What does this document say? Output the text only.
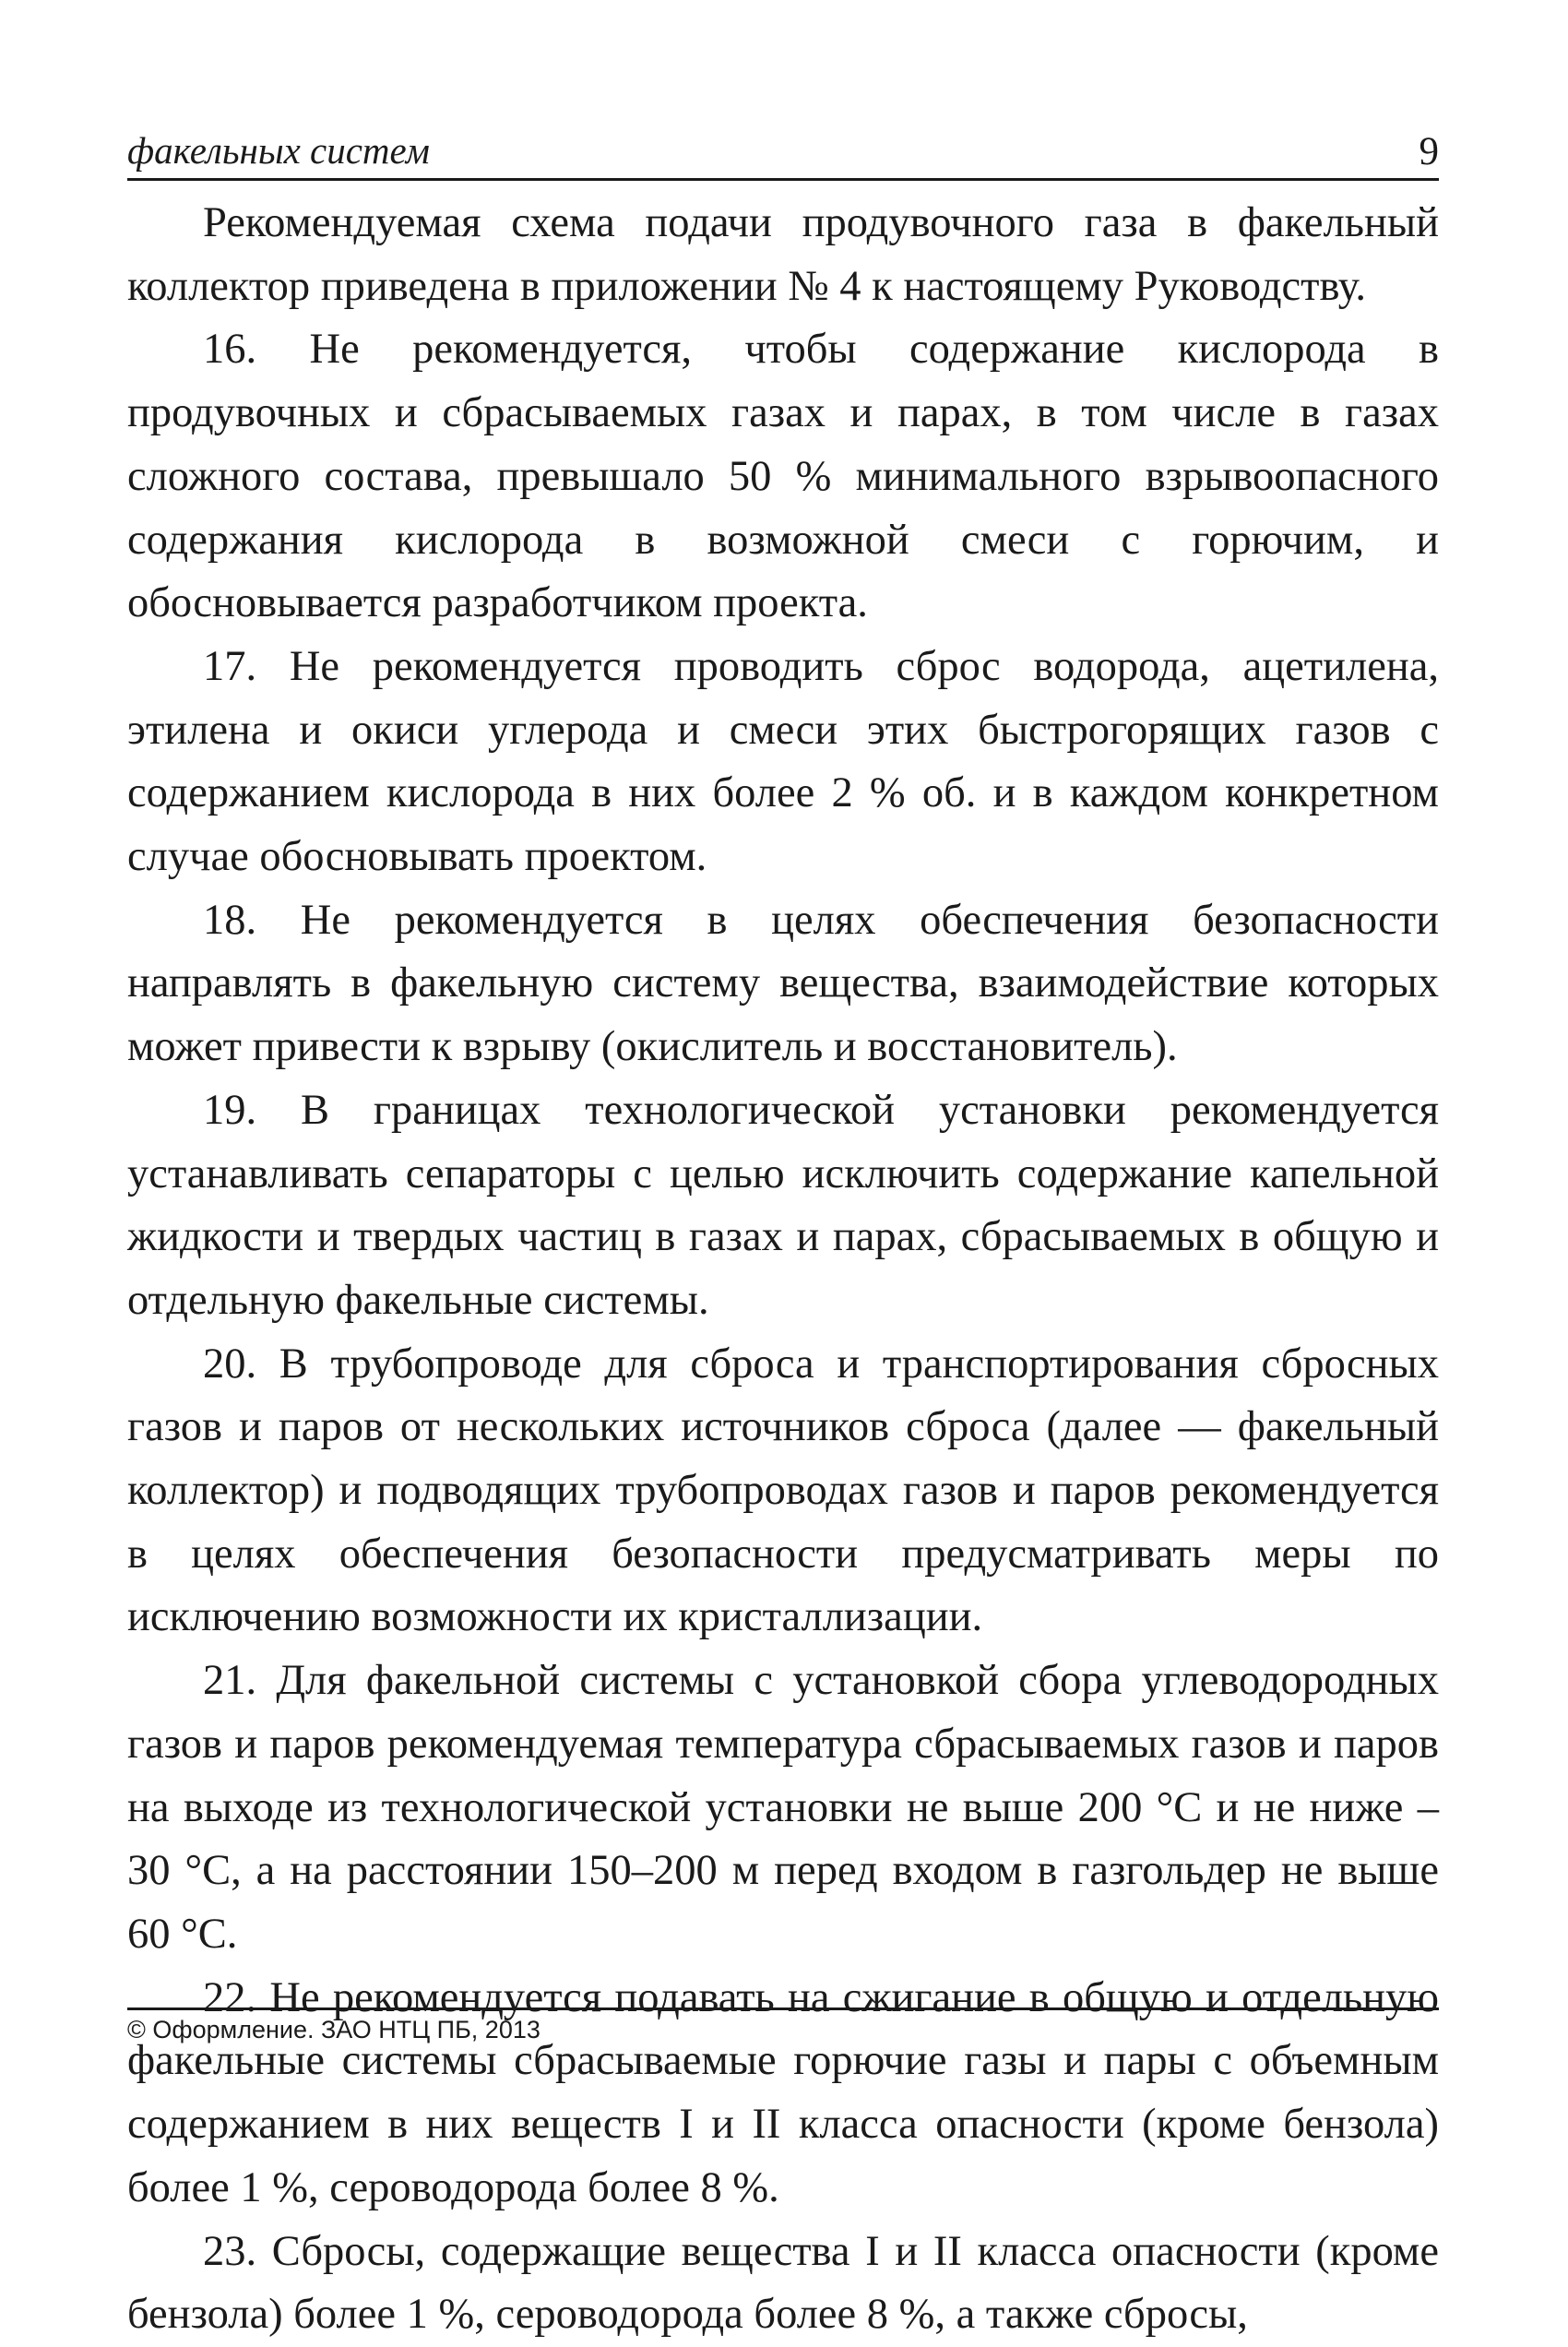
факельных систем	9

Рекомендуемая схема подачи продувочного газа в факельный коллектор приведена в приложении № 4 к настоящему Руководству.

16. Не рекомендуется, чтобы содержание кислорода в продувочных и сбрасываемых газах и парах, в том числе в газах сложного состава, превышало 50 % минимального взрывоопасного содержания кислорода в возможной смеси с горючим, и обосновывается разработчиком проекта.

17. Не рекомендуется проводить сброс водорода, ацетилена, этилена и окиси углерода и смеси этих быстрогорящих газов с содержанием кислорода в них более 2 % об. и в каждом конкретном случае обосновывать проектом.

18. Не рекомендуется в целях обеспечения безопасности направлять в факельную систему вещества, взаимодействие которых может привести к взрыву (окислитель и восстановитель).

19. В границах технологической установки рекомендуется устанавливать сепараторы с целью исключить содержание капельной жидкости и твердых частиц в газах и парах, сбрасываемых в общую и отдельную факельные системы.

20. В трубопроводе для сброса и транспортирования сбросных газов и паров от нескольких источников сброса (далее — факельный коллектор) и подводящих трубопроводах газов и паров рекомендуется в целях обеспечения безопасности предусматривать меры по исключению возможности их кристаллизации.

21. Для факельной системы с установкой сбора углеводородных газов и паров рекомендуемая температура сбрасываемых газов и паров на выходе из технологической установки не выше 200 °С и не ниже –30 °С, а на расстоянии 150–200 м перед входом в газгольдер не выше 60 °С.

22. Не рекомендуется подавать на сжигание в общую и отдельную факельные системы сбрасываемые горючие газы и пары с объемным содержанием в них веществ I и II класса опасности (кроме бензола) более 1 %, сероводорода более 8 %.

23. Сбросы, содержащие вещества I и II класса опасности (кроме бензола) более 1 %, сероводорода более 8 %, а также сбросы,

© Оформление. ЗАО НТЦ ПБ, 2013
